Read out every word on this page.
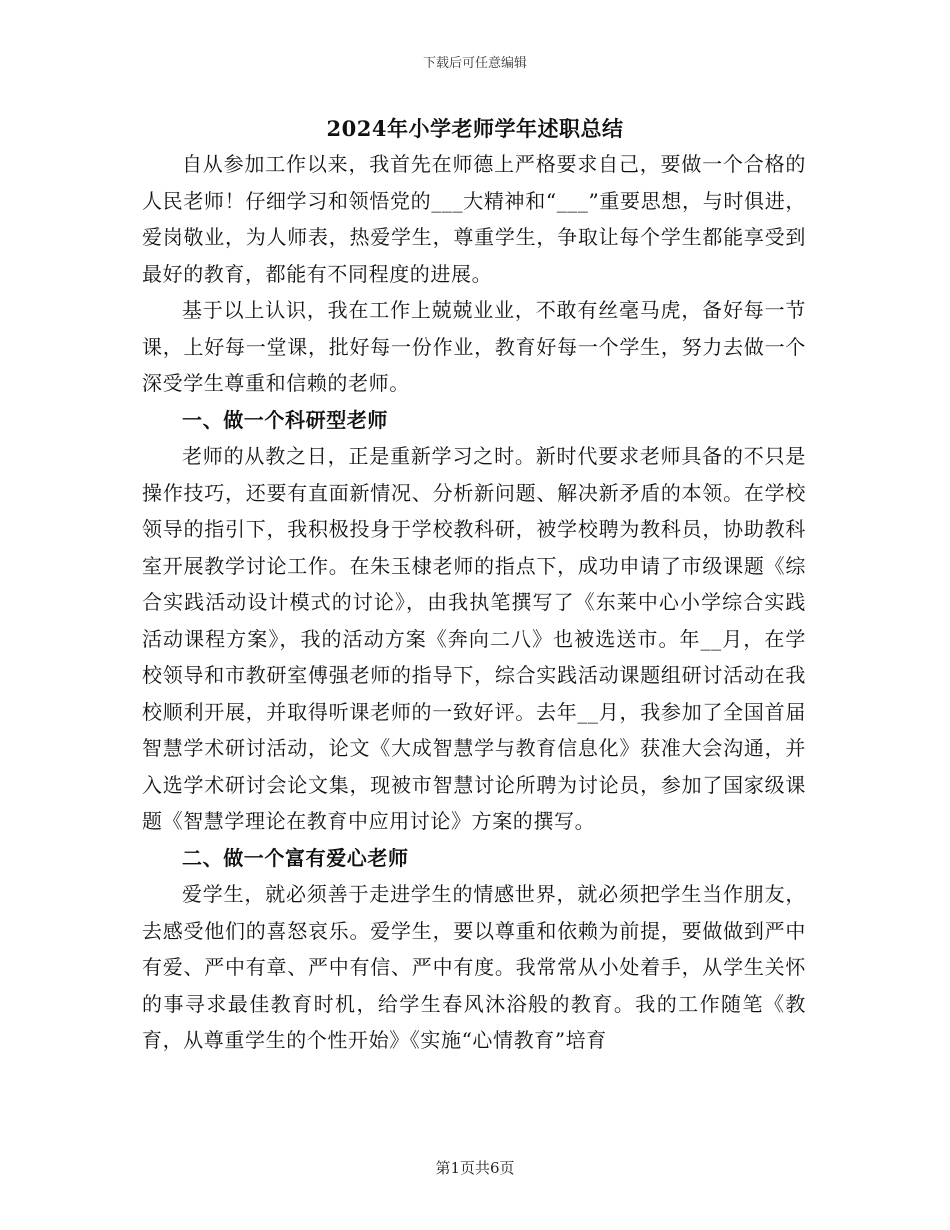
下载后可任意编辑
2024年小学老师学年述职总结

自从参加工作以来，我首先在师德上严格要求自己，要做一个合格的人民老师！仔细学习和领悟党的___大精神和“___”重要思想，与时俱进，爱岗敬业，为人师表，热爱学生，尊重学生，争取让每个学生都能享受到最好的教育，都能有不同程度的进展。

基于以上认识，我在工作上兢兢业业，不敢有丝毫马虎，备好每一节课，上好每一堂课，批好每一份作业，教育好每一个学生，努力去做一个深受学生尊重和信赖的老师。

一、做一个科研型老师

老师的从教之日，正是重新学习之时。新时代要求老师具备的不只是操作技巧，还要有直面新情况、分析新问题、解决新矛盾的本领。在学校领导的指引下，我积极投身于学校教科研，被学校聘为教科员，协助教科室开展教学讨论工作。在朱玉棣老师的指点下，成功申请了市级课题《综合实践活动设计模式的讨论》，由我执笔撰写了《东莱中心小学综合实践活动课程方案》，我的活动方案《奔向二八》也被选送市。年__月，在学校领导和市教研室傅强老师的指导下，综合实践活动课题组研讨活动在我校顺利开展，并取得听课老师的一致好评。去年__月，我参加了全国首届智慧学术研讨活动，论文《大成智慧学与教育信息化》获准大会沟通，并入选学术研讨会论文集，现被市智慧讨论所聘为讨论员，参加了国家级课题《智慧学理论在教育中应用讨论》方案的撰写。

二、做一个富有爱心老师

爱学生，就必须善于走进学生的情感世界，就必须把学生当作朋友，去感受他们的喜怒哀乐。爱学生，要以尊重和依赖为前提，要做做到严中有爱、严中有章、严中有信、严中有度。我常常从小处着手，从学生关怀的事寻求最佳教育时机，给学生春风沐浴般的教育。我的工作随笔《教育，从尊重学生的个性开始》《实施“心情教育”培育

第1页共6页
